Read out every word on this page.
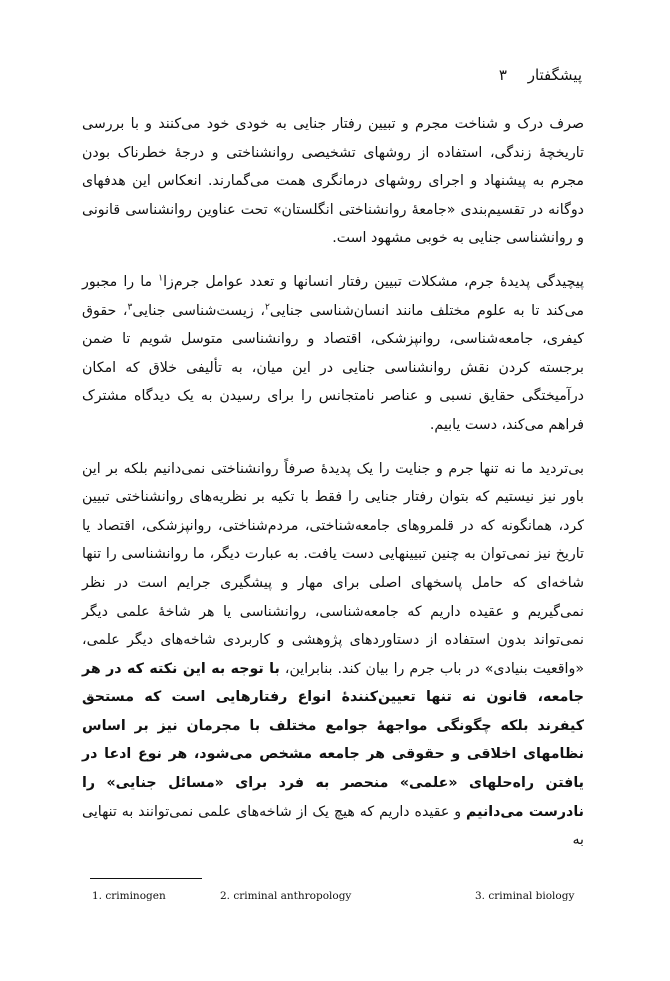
پیشگفتار ۳

صرف درک و شناخت مجرم و تبیین رفتار جنایی به خودی خود می‌کنند و با بررسی تاریخچهٔ زندگی، استفاده از روشهای تشخیصی روانشناختی و درجهٔ خطرناک بودن مجرم به پیشنهاد و اجرای روشهای درمانگری همت می‌گمارند. انعکاس این هدفهای دوگانه در تقسیم‌بندی «جامعهٔ روانشناختی انگلستان» تحت عناوین روانشناسی قانونی و روانشناسی جنایی به خوبی مشهود است.

پیچیدگی پدیدهٔ جرم، مشکلات تبیین رفتار انسانها و تعدد عوامل جرم‌زا$^۱$ ما را مجبور می‌کند تا به علوم مختلف مانند انسان‌شناسی جنایی$^۲$، زیست‌شناسی جنایی$^۳$، حقوق کیفری، جامعه‌شناسی، روانپزشکی، اقتصاد و روانشناسی متوسل شویم تا ضمن برجسته کردن نقش روانشناسی جنایی در این میان، به تألیفی خلاق که امکان درآمیختگی حقایق نسبی و عناصر نامتجانس را برای رسیدن به یک دیدگاه مشترک فراهم می‌کند، دست یابیم.

بی‌تردید ما نه تنها جرم و جنایت را یک پدیدهٔ صرفاً روانشناختی نمی‌دانیم بلکه بر این باور نیز نیستیم که بتوان رفتار جنایی را فقط با تکیه بر نظریه‌های روانشناختی تبیین کرد، همانگونه که در قلمروهای جامعه‌شناختی، مردم‌شناختی، روانپزشکی، اقتصاد یا تاریخ نیز نمی‌توان به چنین تبیینهایی دست یافت. به عبارت دیگر، ما روانشناسی را تنها شاخه‌ای که حامل پاسخهای اصلی برای مهار و پیشگیری جرایم است در نظر نمی‌گیریم و عقیده داریم که جامعه‌شناسی، روانشناسی یا هر شاخهٔ علمی دیگر نمی‌تواند بدون استفاده از دستاوردهای پژوهشی و کاربردی شاخه‌های دیگر علمی، «واقعیت بنیادی» در باب جرم را بیان کند. بنابراین، با توجه به این نکته که در هر جامعه، قانون نه تنها تعیین‌کنندهٔ انواع رفتارهایی است که مستحق کیفرند بلکه چگونگی مواجههٔ جوامع مختلف با مجرمان نیز بر اساس نظامهای اخلاقی و حقوقی هر جامعه مشخص می‌شود، هر نوع ادعا در یافتن راه‌حلهای «علمی» منحصر به فرد برای «مسائل جنایی» را نادرست می‌دانیم و عقیده داریم که هیچ یک از شاخه‌های علمی نمی‌توانند به تنهایی به

1. criminogen	2. criminal anthropology	3. criminal biology
